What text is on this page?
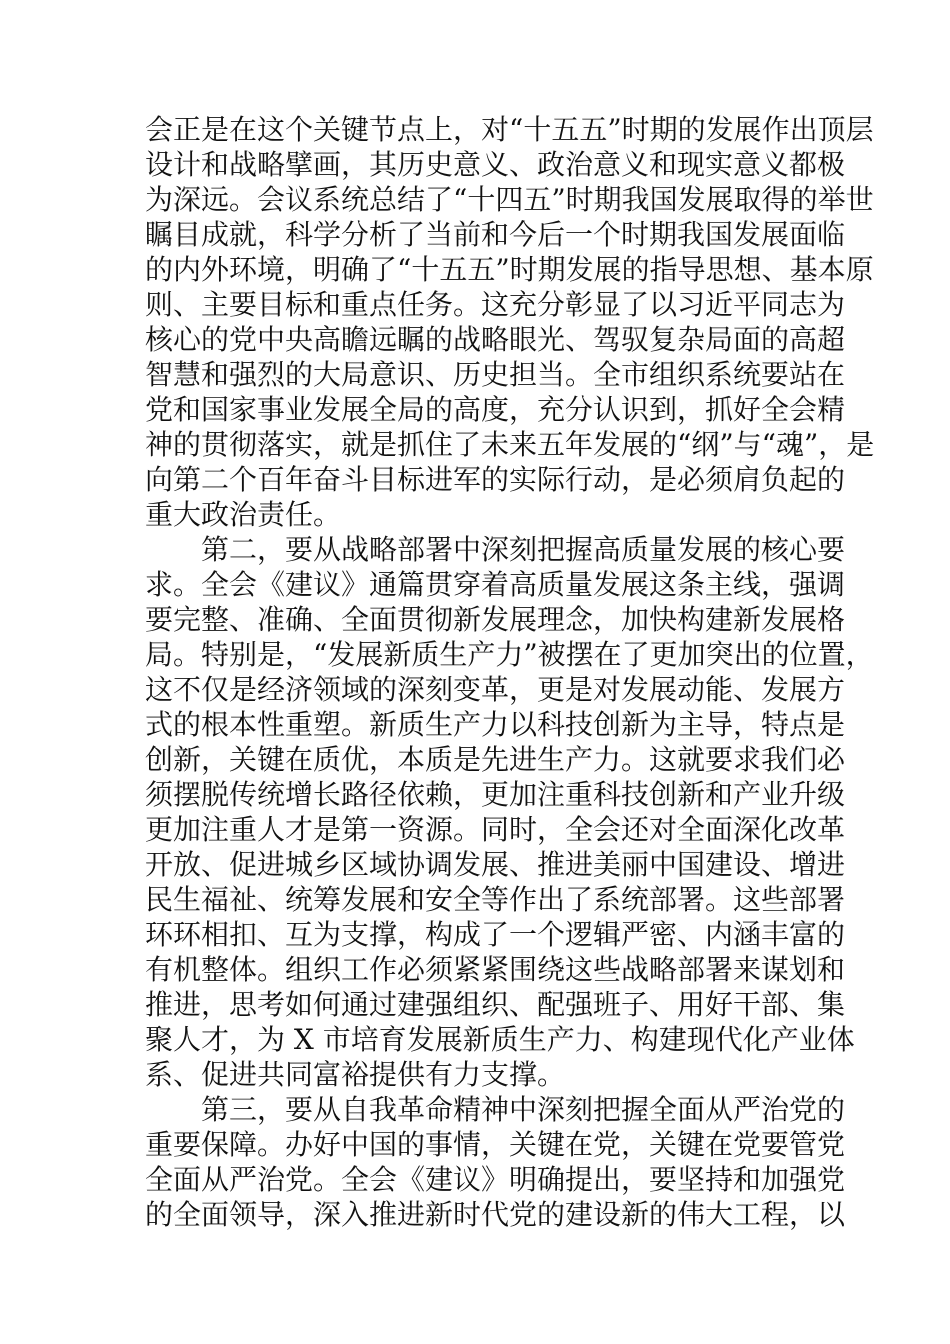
会正是在这个关键节点上，对“十五五”时期的发展作出顶层
设计和战略擘画，其历史意义、政治意义和现实意义都极
为深远。会议系统总结了“十四五”时期我国发展取得的举世
瞩目成就，科学分析了当前和今后一个时期我国发展面临
的内外环境，明确了“十五五”时期发展的指导思想、基本原
则、主要目标和重点任务。这充分彰显了以习近平同志为
核心的党中央高瞻远瞩的战略眼光、驾驭复杂局面的高超
智慧和强烈的大局意识、历史担当。全市组织系统要站在
党和国家事业发展全局的高度，充分认识到，抓好全会精
神的贯彻落实，就是抓住了未来五年发展的“纲”与“魂”，是
向第二个百年奋斗目标进军的实际行动，是必须肩负起的
重大政治责任。
第二，要从战略部署中深刻把握高质量发展的核心要
求。全会《建议》通篇贯穿着高质量发展这条主线，强调
要完整、准确、全面贯彻新发展理念，加快构建新发展格
局。特别是，“发展新质生产力”被摆在了更加突出的位置，
这不仅是经济领域的深刻变革，更是对发展动能、发展方
式的根本性重塑。新质生产力以科技创新为主导，特点是
创新，关键在质优，本质是先进生产力。这就要求我们必
须摆脱传统增长路径依赖，更加注重科技创新和产业升级
更加注重人才是第一资源。同时，全会还对全面深化改革
开放、促进城乡区域协调发展、推进美丽中国建设、增进
民生福祉、统筹发展和安全等作出了系统部署。这些部署
环环相扣、互为支撑，构成了一个逻辑严密、内涵丰富的
有机整体。组织工作必须紧紧围绕这些战略部署来谋划和
推进，思考如何通过建强组织、配强班子、用好干部、集
聚人才，为 X 市培育发展新质生产力、构建现代化产业体
系、促进共同富裕提供有力支撑。
第三，要从自我革命精神中深刻把握全面从严治党的
重要保障。办好中国的事情，关键在党，关键在党要管党
全面从严治党。全会《建议》明确提出，要坚持和加强党
的全面领导，深入推进新时代党的建设新的伟大工程，以
